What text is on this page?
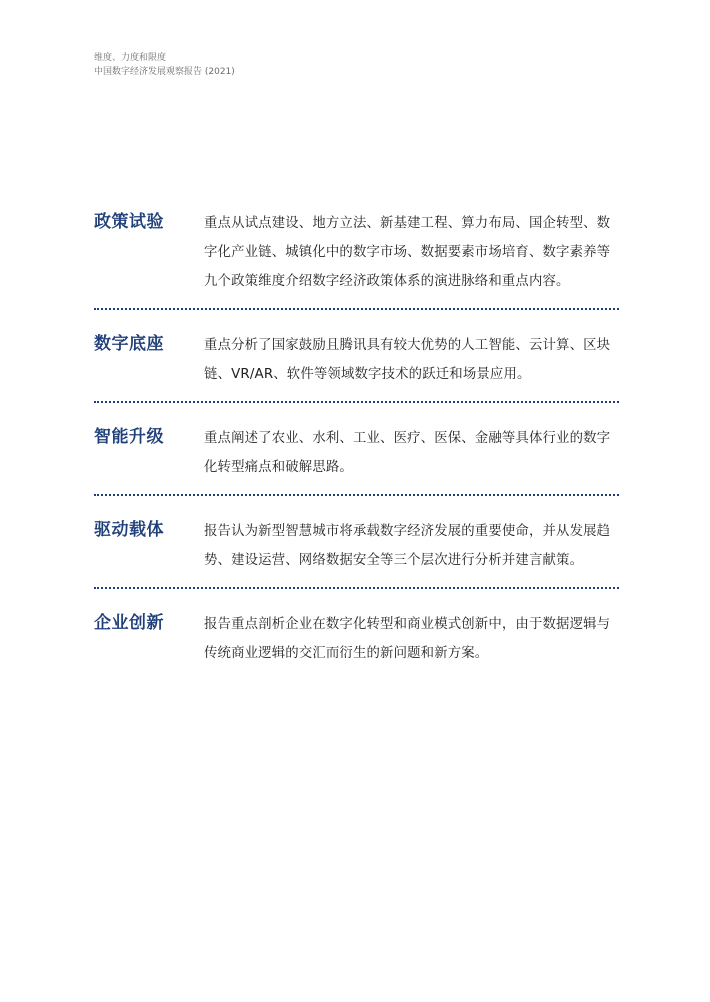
维度、力度和限度
中国数字经济发展观察报告 (2021)
政策试验	重点从试点建设、地方立法、新基建工程、算力布局、国企转型、数字化产业链、城镇化中的数字市场、数据要素市场培育、数字素养等九个政策维度介绍数字经济政策体系的演进脉络和重点内容。
数字底座	重点分析了国家鼓励且腾讯具有较大优势的人工智能、云计算、区块链、VR/AR、软件等领域数字技术的跃迁和场景应用。
智能升级	重点阐述了农业、水利、工业、医疗、医保、金融等具体行业的数字化转型痛点和破解思路。
驱动载体	报告认为新型智慧城市将承载数字经济发展的重要使命，并从发展趋势、建设运营、网络数据安全等三个层次进行分析并建言献策。
企业创新	报告重点剖析企业在数字化转型和商业模式创新中，由于数据逻辑与传统商业逻辑的交汇而衍生的新问题和新方案。
